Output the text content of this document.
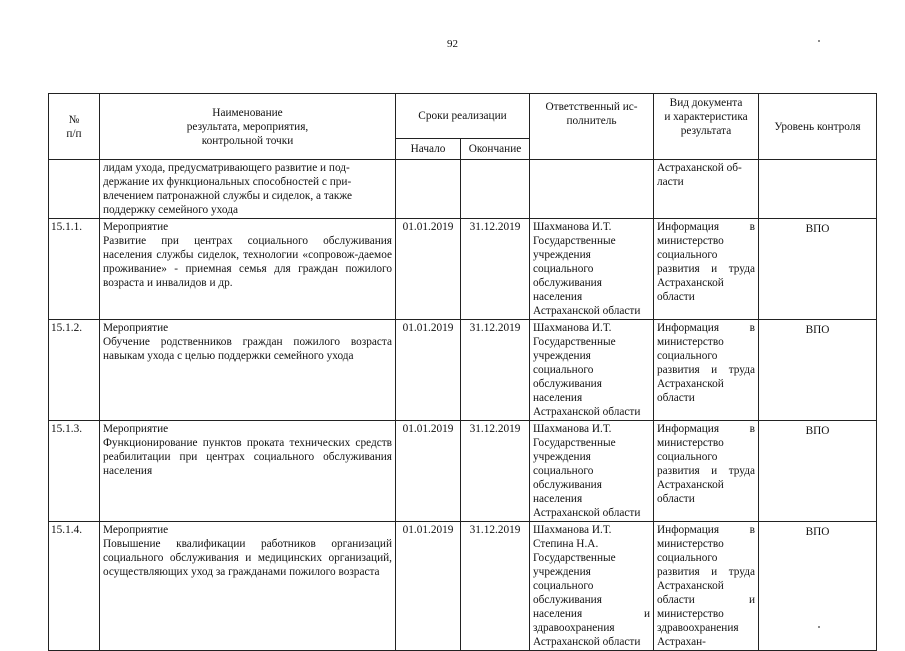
92
№
п/п	Наименование
результата, мероприятия,
контрольной точки	Сроки реализации		Ответственный ис-
полнитель	Вид документа
и характеристика
результата	Уровень контроля
		Начало	Окончание			
	лидам ухода, предусматривающего развитие и под-
держание их функциональных способностей с при-
влечением патронажной службы и сиделок, а также
поддержку семейного ухода				Астраханской об-
ласти	
15.1.1.	Мероприятие
Развитие при центрах социального обслуживания населения службы сиделок, технологии «сопровож-даемое проживание» - приемная семья для граждан пожилого возраста и инвалидов и др.	01.01.2019	31.12.2019	Шахманова И.Т.
Государственные учреждения социального обслуживания населения Астраханской области	Информация в министерство социального развития и труда Астраханской области	ВПО
15.1.2.	Мероприятие
Обучение родственников граждан пожилого возраста навыкам ухода с целью поддержки семейного ухода	01.01.2019	31.12.2019	Шахманова И.Т.
Государственные учреждения социального обслуживания населения Астраханской области	Информация в министерство социального развития и труда Астраханской области	ВПО
15.1.3.	Мероприятие
Функционирование пунктов проката технических средств реабилитации при центрах социального обслуживания населения	01.01.2019	31.12.2019	Шахманова И.Т.
Государственные учреждения социального обслуживания населения Астраханской области	Информация в министерство социального развития и труда Астраханской области	ВПО
15.1.4.	Мероприятие
Повышение квалификации работников организаций социального обслуживания и медицинских организаций, осуществляющих уход за гражданами пожилого возраста	01.01.2019	31.12.2019	Шахманова И.Т.
Степина Н.А.
Государственные учреждения социального обслуживания населения и здравоохранения Астраханской области	Информация в министерство социального развития и труда Астраханской области и министерство здравоохранения Астрахан-	ВПО
